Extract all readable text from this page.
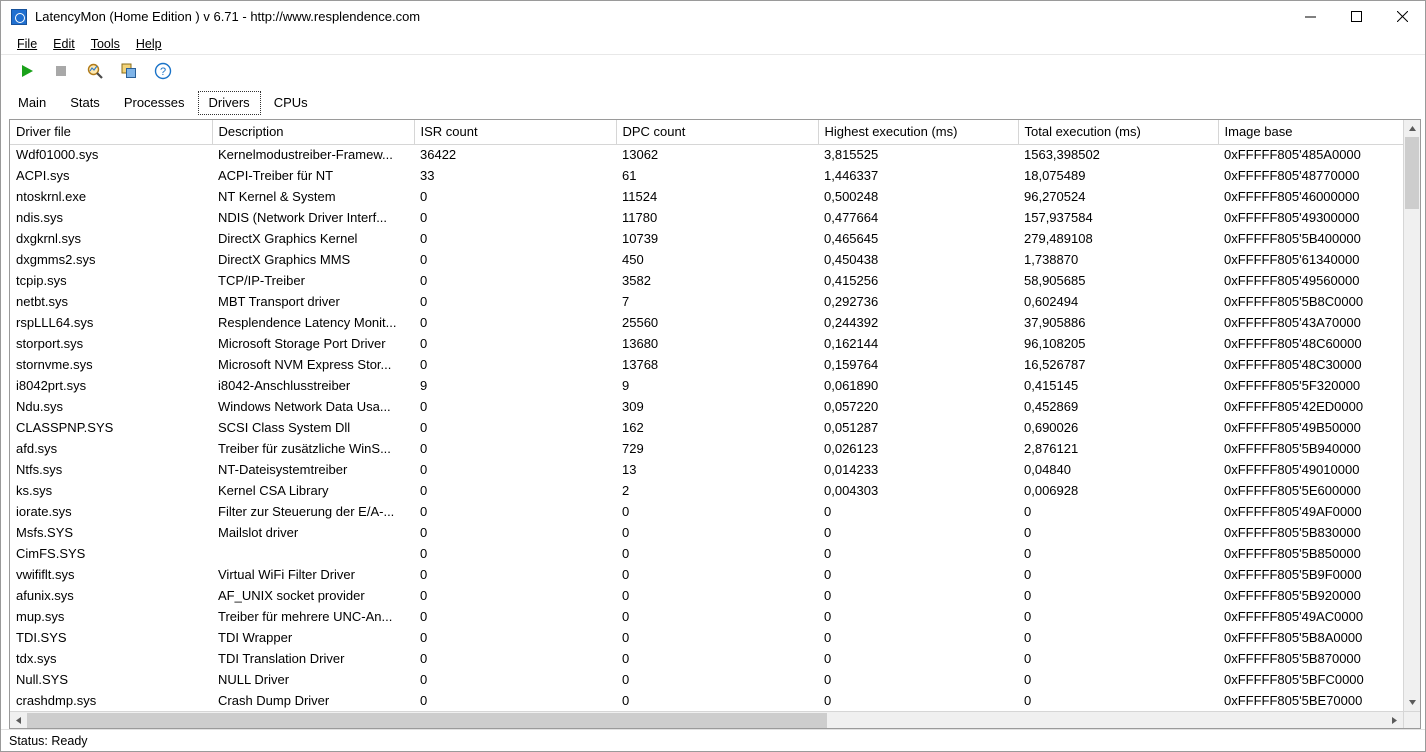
LatencyMon (Home Edition ) v 6.71 - http://www.resplendence.com
File	Edit	Tools	Help
?
Main	Stats	Processes	Drivers	CPUs
Driver file	Description	ISR count	DPC count	Highest execution (ms)	Total execution (ms)	Image base
Wdf01000.sys	Kernelmodustreiber-Framew...	36422	13062	3,815525	1563,398502	0xFFFFF805'485A0000
ACPI.sys	ACPI-Treiber für NT	33	61	1,446337	18,075489	0xFFFFF805'48770000
ntoskrnl.exe	NT Kernel & System	0	11524	0,500248	96,270524	0xFFFFF805'46000000
ndis.sys	NDIS (Network Driver Interf...	0	11780	0,477664	157,937584	0xFFFFF805'49300000
dxgkrnl.sys	DirectX Graphics Kernel	0	10739	0,465645	279,489108	0xFFFFF805'5B400000
dxgmms2.sys	DirectX Graphics MMS	0	450	0,450438	1,738870	0xFFFFF805'61340000
tcpip.sys	TCP/IP-Treiber	0	3582	0,415256	58,905685	0xFFFFF805'49560000
netbt.sys	MBT Transport driver	0	7	0,292736	0,602494	0xFFFFF805'5B8C0000
rspLLL64.sys	Resplendence Latency Monit...	0	25560	0,244392	37,905886	0xFFFFF805'43A70000
storport.sys	Microsoft Storage Port Driver	0	13680	0,162144	96,108205	0xFFFFF805'48C60000
stornvme.sys	Microsoft NVM Express Stor...	0	13768	0,159764	16,526787	0xFFFFF805'48C30000
i8042prt.sys	i8042-Anschlusstreiber	9	9	0,061890	0,415145	0xFFFFF805'5F320000
Ndu.sys	Windows Network Data Usa...	0	309	0,057220	0,452869	0xFFFFF805'42ED0000
CLASSPNP.SYS	SCSI Class System Dll	0	162	0,051287	0,690026	0xFFFFF805'49B50000
afd.sys	Treiber für zusätzliche WinS...	0	729	0,026123	2,876121	0xFFFFF805'5B940000
Ntfs.sys	NT-Dateisystemtreiber	0	13	0,014233	0,04840	0xFFFFF805'49010000
ks.sys	Kernel CSA Library	0	2	0,004303	0,006928	0xFFFFF805'5E600000
iorate.sys	Filter zur Steuerung der E/A-...	0	0	0	0	0xFFFFF805'49AF0000
Msfs.SYS	Mailslot driver	0	0	0	0	0xFFFFF805'5B830000
CimFS.SYS		0	0	0	0	0xFFFFF805'5B850000
vwififlt.sys	Virtual WiFi Filter Driver	0	0	0	0	0xFFFFF805'5B9F0000
afunix.sys	AF_UNIX socket provider	0	0	0	0	0xFFFFF805'5B920000
mup.sys	Treiber für mehrere UNC-An...	0	0	0	0	0xFFFFF805'49AC0000
TDI.SYS	TDI Wrapper	0	0	0	0	0xFFFFF805'5B8A0000
tdx.sys	TDI Translation Driver	0	0	0	0	0xFFFFF805'5B870000
Null.SYS	NULL Driver	0	0	0	0	0xFFFFF805'5BFC0000
crashdmp.sys	Crash Dump Driver	0	0	0	0	0xFFFFF805'5BE70000
Status: Ready
